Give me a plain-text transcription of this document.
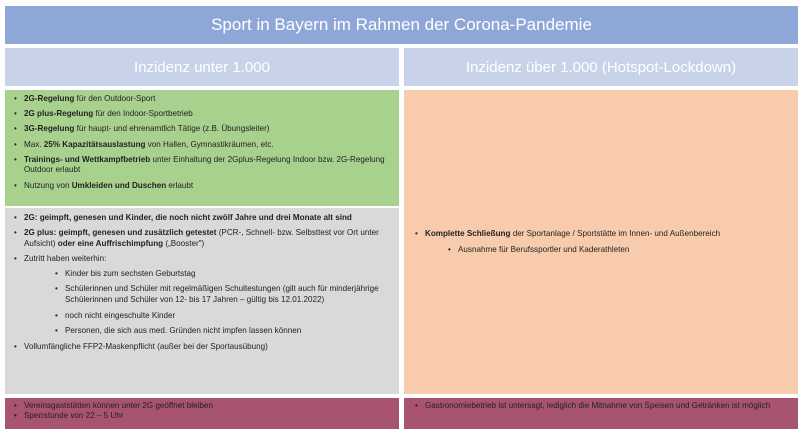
Sport in Bayern im Rahmen der Corona-Pandemie
Inzidenz unter 1.000	Inzidenz über 1.000 (Hotspot-Lockdown)
• 2G-Regelung für den Outdoor-Sport
• 2G plus-Regelung für den Indoor-Sportbetrieb
• 3G-Regelung für haupt- und ehrenamtlich Tätige (z.B. Übungsleiter)
• Max. 25% Kapazitätsauslastung von Hallen, Gymnastikräumen, etc.
• Trainings- und Wettkampfbetrieb unter Einhaltung der 2Gplus-Regelung Indoor bzw. 2G-Regelung Outdoor erlaubt
• Nutzung von Umkleiden und Duschen erlaubt
• 2G: geimpft, genesen und Kinder, die noch nicht zwölf Jahre und drei Monate alt sind
• 2G plus: geimpft, genesen und zusätzlich getestet (PCR-, Schnell- bzw. Selbsttest vor Ort unter Aufsicht) oder eine Auffrischimpfung („Booster")
• Zutritt haben weiterhin:
• Kinder bis zum sechsten Geburtstag
• Schülerinnen und Schüler mit regelmäßigen Schultestungen (gilt auch für minderjährige Schülerinnen und Schüler von 12- bis 17 Jahren – gültig bis 12.01.2022)
• noch nicht eingeschulte Kinder
• Personen, die sich aus med. Gründen nicht impfen lassen können
• Vollumfängliche FFP2-Maskenpflicht (außer bei der Sportausübung)
• Komplette Schließung der Sportanlage / Sportstätte im Innen- und Außenbereich
• Ausnahme für Berufssportler und Kaderathleten
• Vereinsgaststätten können unter 2G geöffnet bleiben
• Sperrstunde von 22 – 5 Uhr
• Gastronomiebetrieb ist untersagt, lediglich die Mitnahme von Speisen und Getränken ist möglich
